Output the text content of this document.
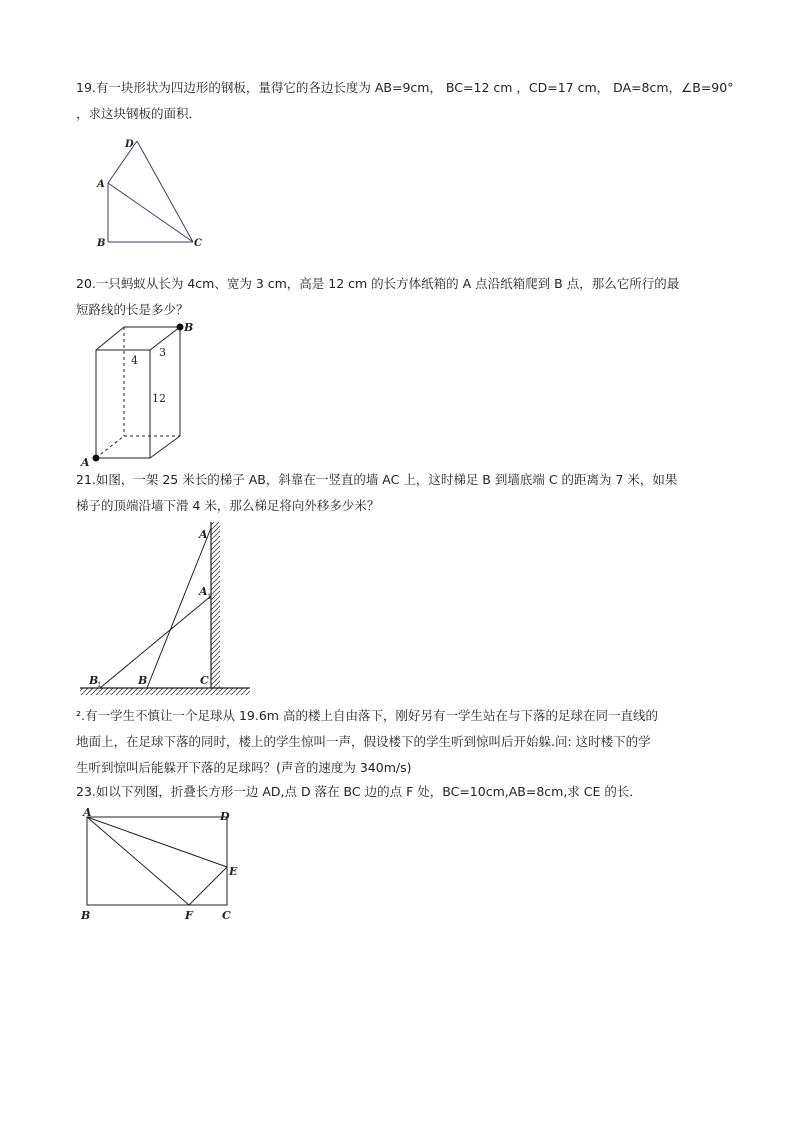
19.有一块形状为四边形的钢板，量得它的各边长度为 AB=9cm， BC=12 cm ，CD=17 cm， DA=8cm，∠B=90°
，求这块钢板的面积．
D
A
B	C
20.一只蚂蚁从长为 4cm、宽为 3 cm，高是 12 cm 的长方体纸箱的 A 点沿纸箱爬到 B 点，那么它所行的最
短路线的长是多少？
B
A
4
3
12
21.如图，一架 25 米长的梯子 AB，斜靠在一竖直的墙 AC 上，这时梯足 B 到墙底端 C 的距离为 7 米，如果
梯子的顶端沿墙下滑 4 米，那么梯足将向外移多少米？
A
A 1
B
1	B	C
².有一学生不慎让一个足球从 19.6m 高的楼上自由落下，刚好另有一学生站在与下落的足球在同一直线的
地面上，在足球下落的同时，楼上的学生惊叫一声，假设楼下的学生听到惊叫后开始躲.问: 这时楼下的学
生听到惊叫后能躲开下落的足球吗？(声音的速度为 340m/s)
23.如以下列图，折叠长方形一边 AD,点 D 落在 BC 边的点 F 处，BC=10cm,AB=8cm,求 CE 的长．
A	D
E
B	F	C
